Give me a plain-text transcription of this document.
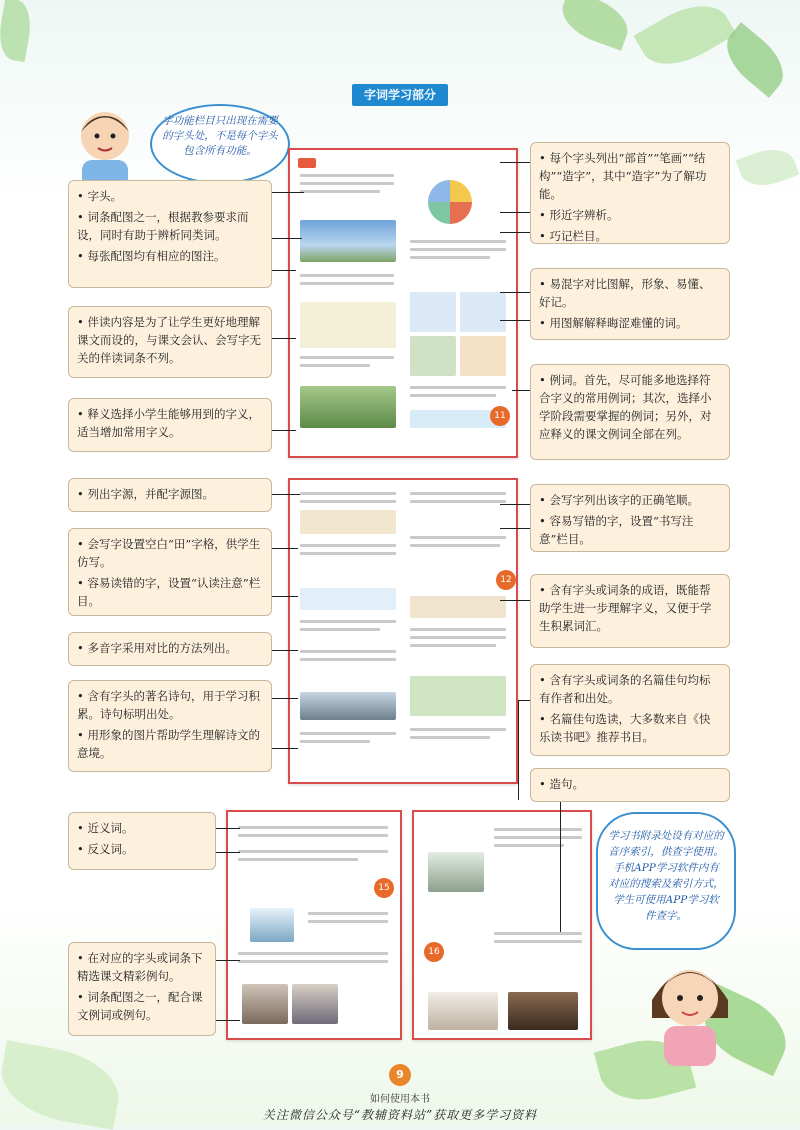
字词学习部分
字功能栏目只出现在需要的字头处，不是每个字头包含所有功能。

• 字头。

• 词条配图之一，根据教参要求而设，同时有助于辨析同类词。

• 每张配图均有相应的图注。

• 伴读内容是为了让学生更好地理解课文而设的，与课文会认、会写字无关的伴读词条不列。

• 释义选择小学生能够用到的字义，适当增加常用字义。

• 每个字头列出“部首”“笔画”“结构”“造字”，其中“造字”为了解功能。

• 形近字辨析。

• 巧记栏目。

• 易混字对比图解，形象、易懂、好记。

• 用图解解释晦涩难懂的词。

• 例词。首先，尽可能多地选择符合字义的常用例词；其次，选择小学阶段需要掌握的例词；另外，对应释义的课文例词全部在列。

11

• 列出字源，并配字源图。

• 会写字设置空白“田”字格，供学生仿写。

• 容易读错的字，设置“认读注意”栏目。

• 多音字采用对比的方法列出。

• 含有字头的著名诗句，用于学习积累。诗句标明出处。

• 用形象的图片帮助学生理解诗文的意境。

• 会写字列出该字的正确笔顺。

• 容易写错的字，设置“书写注意”栏目。

• 含有字头或词条的成语，既能帮助学生进一步理解字义，又便于学生积累词汇。

• 含有字头或词条的名篇佳句均标有作者和出处。

• 名篇佳句选读，大多数来自《快乐读书吧》推荐书目。

• 造句。

12
15
16

• 近义词。

• 反义词。

• 在对应的字头或词条下精选课文精彩例句。

• 词条配图之一，配合课文例词或例句。

学习书附录处设有对应的音序索引，供查字使用。手机APP学习软件内有对应的搜索及索引方式，学生可使用APP学习软件查字。
9
如何使用本书
关注微信公众号“教辅资料站”获取更多学习资料
